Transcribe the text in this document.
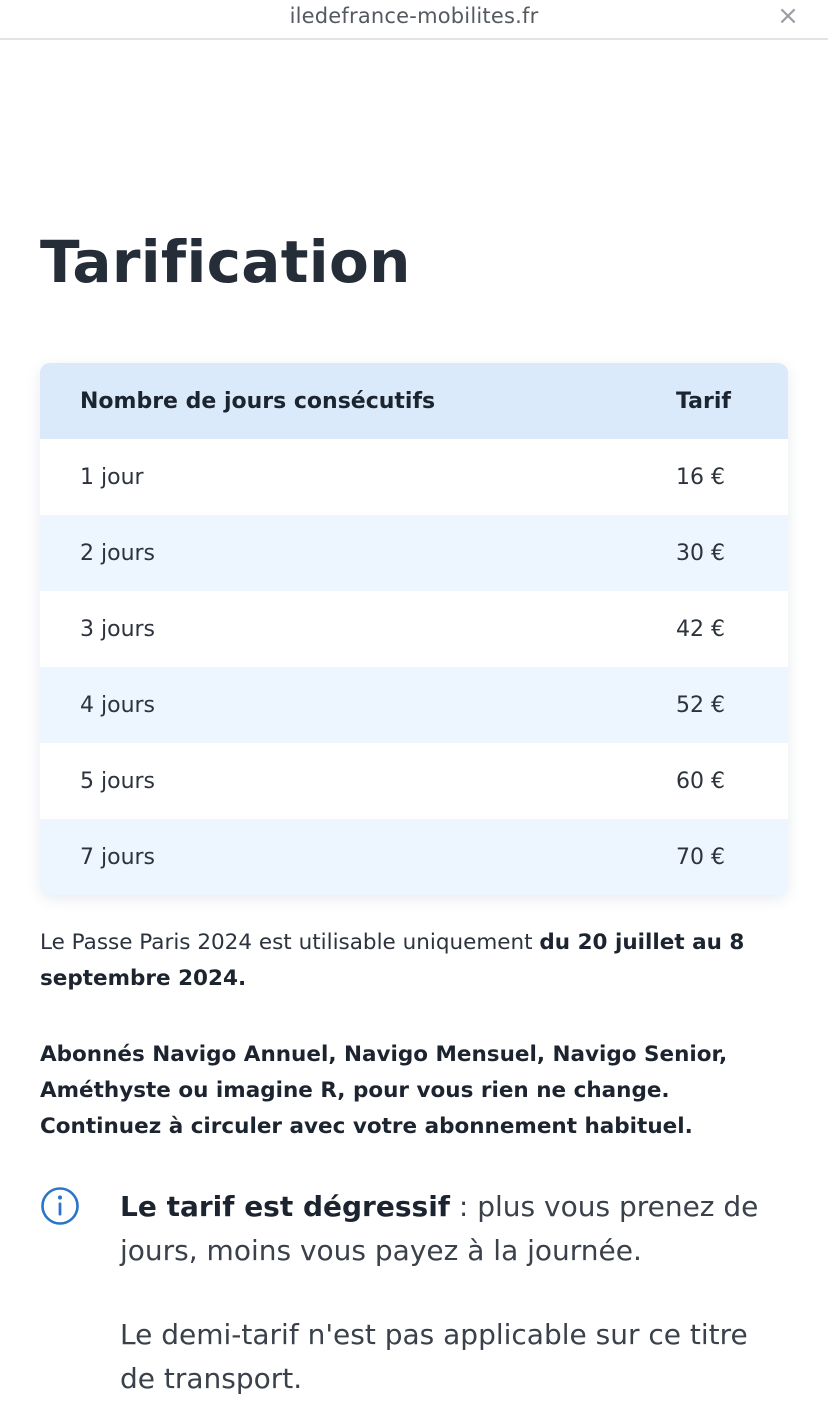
iledefrance-mobilites.fr	×
Tarification
Nombre de jours consécutifs	Tarif
1 jour	16 €
2 jours	30 €
3 jours	42 €
4 jours	52 €
5 jours	60 €
7 jours	70 €

Le Passe Paris 2024 est utilisable uniquement du 20 juillet au 8 septembre 2024.

Abonnés Navigo Annuel, Navigo Mensuel, Navigo Senior, Améthyste ou imagine R, pour vous rien ne change. Continuez à circuler avec votre abonnement habituel.

Le tarif est dégressif : plus vous prenez de jours, moins vous payez à la journée.

Le demi-tarif n'est pas applicable sur ce titre de transport.
